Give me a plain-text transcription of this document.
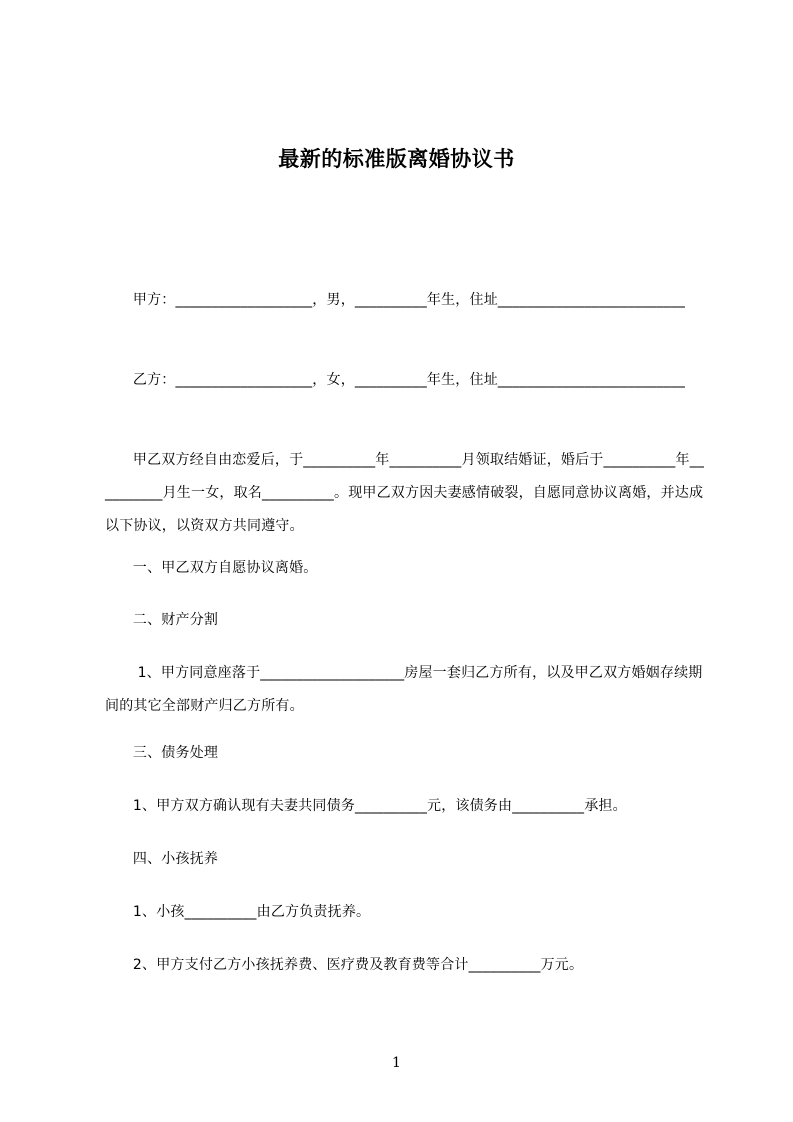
最新的标准版离婚协议书

甲方：___________________，男，__________年生，住址__________________________

乙方：___________________，女，__________年生，住址__________________________

甲乙双方经自由恋爱后，于__________年__________月领取结婚证，婚后于__________年__________月生一女，取名__________。现甲乙双方因夫妻感情破裂，自愿同意协议离婚，并达成以下协议，以资双方共同遵守。

一、甲乙双方自愿协议离婚。

二、财产分割

1、甲方同意座落于____________________房屋一套归乙方所有，以及甲乙双方婚姻存续期间的其它全部财产归乙方所有。

三、债务处理

1、甲方双方确认现有夫妻共同债务__________元，该债务由__________承担。

四、小孩抚养

1、小孩__________由乙方负责抚养。

2、甲方支付乙方小孩抚养费、医疗费及教育费等合计__________万元。

1
